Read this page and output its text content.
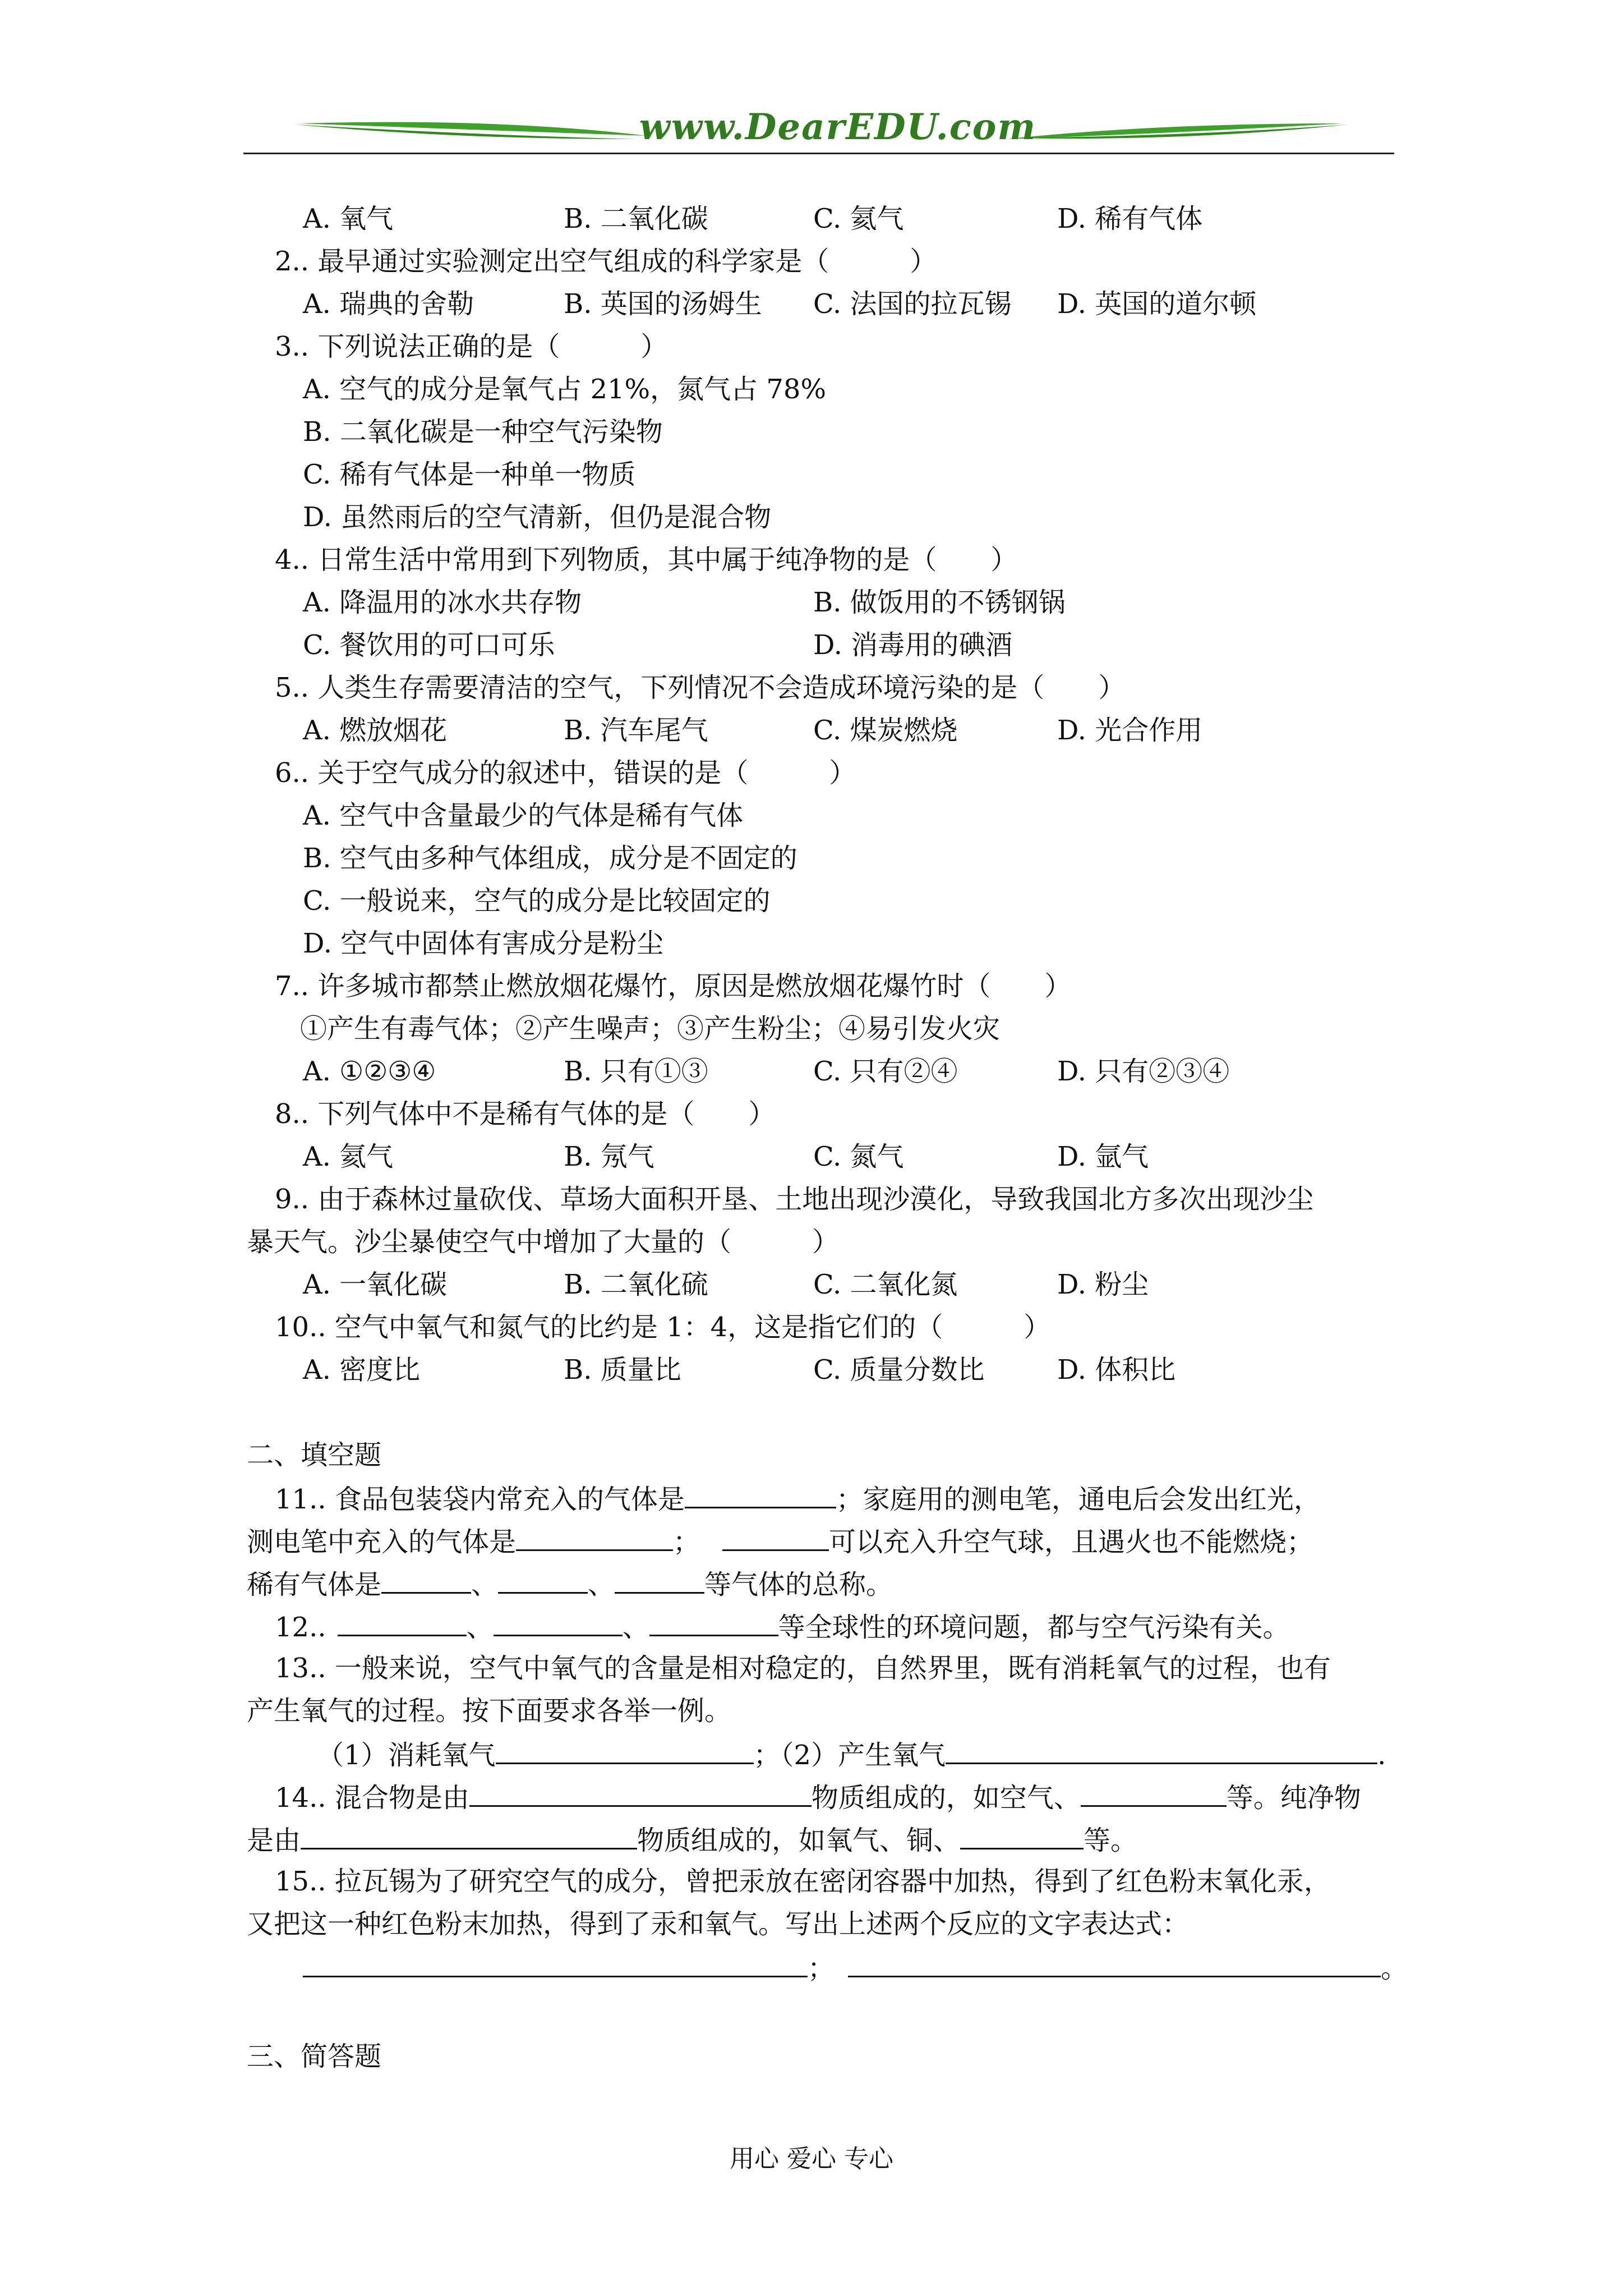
www.DearEDU.com
A. 氧气	B. 二氧化碳	C. 氦气	D. 稀有气体
2.. 最早通过实验测定出空气组成的科学家是（　　　）
A. 瑞典的舍勒	B. 英国的汤姆生 C. 法国的拉瓦锡 D. 英国的道尔顿
3.. 下列说法正确的是（　　　）
A. 空气的成分是氧气占 21%，氮气占 78%
B. 二氧化碳是一种空气污染物
C. 稀有气体是一种单一物质
D. 虽然雨后的空气清新，但仍是混合物
4.. 日常生活中常用到下列物质，其中属于纯净物的是（　　）
A. 降温用的冰水共存物	B. 做饭用的不锈钢锅
C. 餐饮用的可口可乐	D. 消毒用的碘酒
5.. 人类生存需要清洁的空气，下列情况不会造成环境污染的是（　　）
A. 燃放烟花	B. 汽车尾气	C. 煤炭燃烧	D. 光合作用
6.. 关于空气成分的叙述中，错误的是（　　　）
A. 空气中含量最少的气体是稀有气体
B. 空气由多种气体组成，成分是不固定的
C. 一般说来，空气的成分是比较固定的
D. 空气中固体有害成分是粉尘
7.. 许多城市都禁止燃放烟花爆竹，原因是燃放烟花爆竹时（　　）
①产生有毒气体；②产生噪声；③产生粉尘；④易引发火灾
A. ①②③④	B. 只有①③	C. 只有②④	D. 只有②③④
8.. 下列气体中不是稀有气体的是（　　）
A. 氦气	B. 氖气	C. 氮气	D. 氩气
9.. 由于森林过量砍伐、草场大面积开垦、土地出现沙漠化，导致我国北方多次出现沙尘
暴天气。沙尘暴使空气中增加了大量的（　　　）
A. 一氧化碳	B. 二氧化硫	C. 二氧化氮	D. 粉尘
10.. 空气中氧气和氮气的比约是 1：4，这是指它们的（　　　）
A. 密度比	B. 质量比	C. 质量分数比	D. 体积比
二、填空题
11.. 食品包装袋内常充入的气体是	；家庭用的测电笔，通电后会发出红光，
测电笔中充入的气体是	；	可以充入升空气球，且遇火也不能燃烧；
稀有气体是	、	、	等气体的总称。
12..	、	、	等全球性的环境问题，都与空气污染有关。
13.. 一般来说，空气中氧气的含量是相对稳定的，自然界里，既有消耗氧气的过程，也有
产生氧气的过程。按下面要求各举一例。
（1）消耗氧气	；（2）产生氧气	.
14.. 混合物是由	物质组成的，如空气、	等。纯净物
是由	物质组成的，如氧气、铜、	等。
15.. 拉瓦锡为了研究空气的成分，曾把汞放在密闭容器中加热，得到了红色粉末氧化汞，
又把这一种红色粉末加热，得到了汞和氧气。写出上述两个反应的文字表达式：
；	。
三、简答题
用心 爱心 专心
